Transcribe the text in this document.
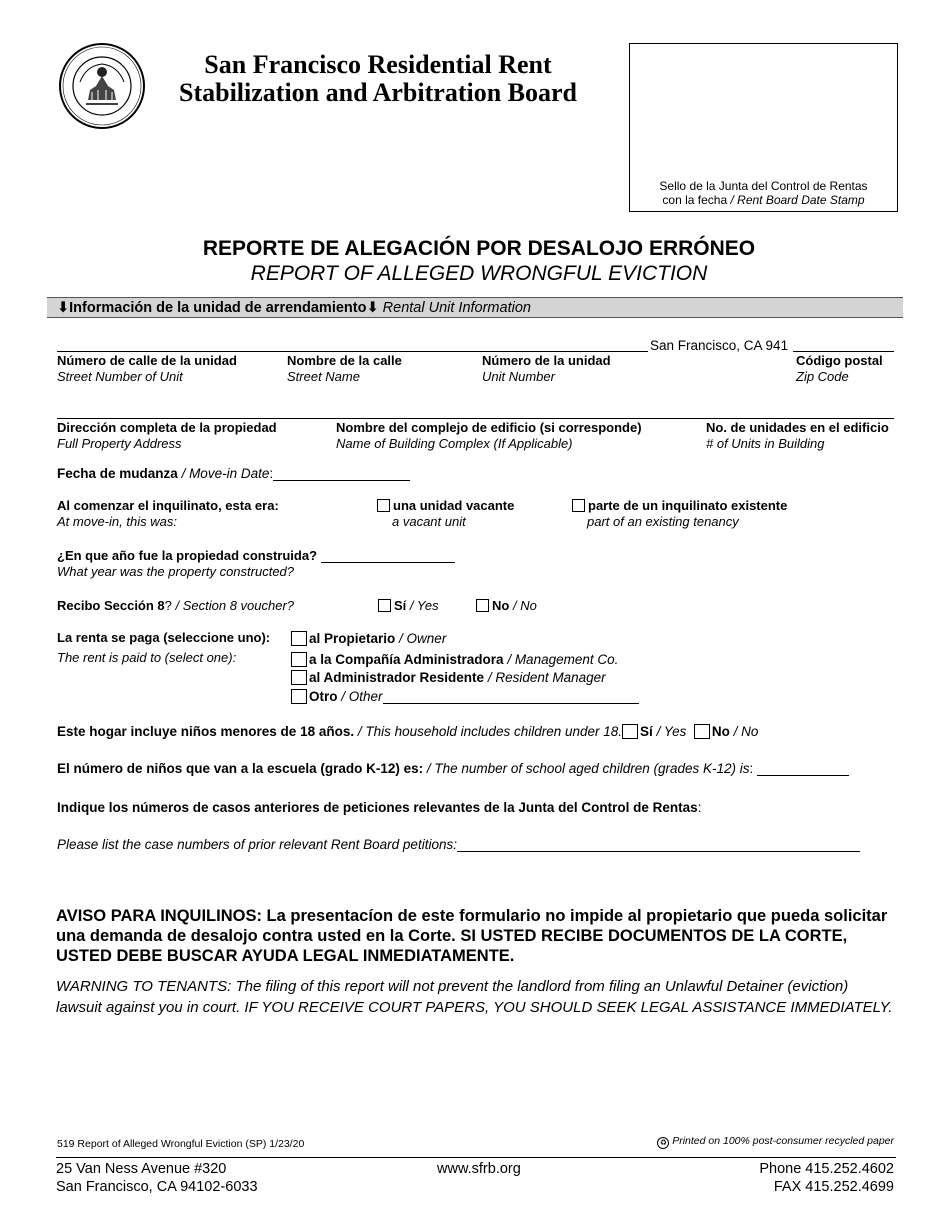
San Francisco Residential Rent
Stabilization and Arbitration Board
Sello de la Junta del Control de Rentas
con la fecha / Rent Board Date Stamp
REPORTE DE ALEGACIÓN POR DESALOJO ERRÓNEO
REPORT OF ALLEGED WRONGFUL EVICTION
⬇Información de la unidad de arrendamiento⬇ Rental Unit Information
San Francisco, CA 941
Número de calle de la unidad
Street Number of Unit
Nombre de la calle
Street Name
Número de la unidad
Unit Number
Código postal
Zip Code
Dirección completa de la propiedad
Full Property Address
Nombre del complejo de edificio (si corresponde)
Name of Building Complex (If Applicable)
No. de unidades en el edificio
# of Units in Building
Fecha de mudanza / Move-in Date:
Al comenzar el inquilinato, esta era:
At move-in, this was:
una unidad vacante
a vacant unit
parte de un inquilinato existente
part of an existing tenancy
¿En que año fue la propiedad construida?
What year was the property constructed?
Recibo Sección 8? / Section 8 voucher?	Sí / Yes	No / No
La renta se paga (seleccione uno):
The rent is paid to (select one):
al Propietario / Owner
a la Compañía Administradora / Management Co.
al Administrador Residente / Resident Manager
Otro / Other
Este hogar incluye niños menores de 18 años. / This household includes children under 18. Sí / Yes No / No
El número de niños que van a la escuela (grado K-12) es: / The number of school aged children (grades K-12) is:
Indique los números de casos anteriores de peticiones relevantes de la Junta del Control de Rentas:
Please list the case numbers of prior relevant Rent Board petitions:
AVISO PARA INQUILINOS: La presentacíon de este formulario no impide al propietario que pueda solicitar una demanda de desalojo contra usted en la Corte. SI USTED RECIBE DOCUMENTOS DE LA CORTE, USTED DEBE BUSCAR AYUDA LEGAL INMEDIATAMENTE.
WARNING TO TENANTS: The filing of this report will not prevent the landlord from filing an Unlawful Detainer (eviction) lawsuit against you in court. IF YOU RECEIVE COURT PAPERS, YOU SHOULD SEEK LEGAL ASSISTANCE IMMEDIATELY.
519 Report of Alleged Wrongful Eviction (SP) 1/23/20	♻ Printed on 100% post-consumer recycled paper
25 Van Ness Avenue #320
San Francisco, CA 94102-6033
www.sfrb.org	Phone 415.252.4602
FAX 415.252.4699
